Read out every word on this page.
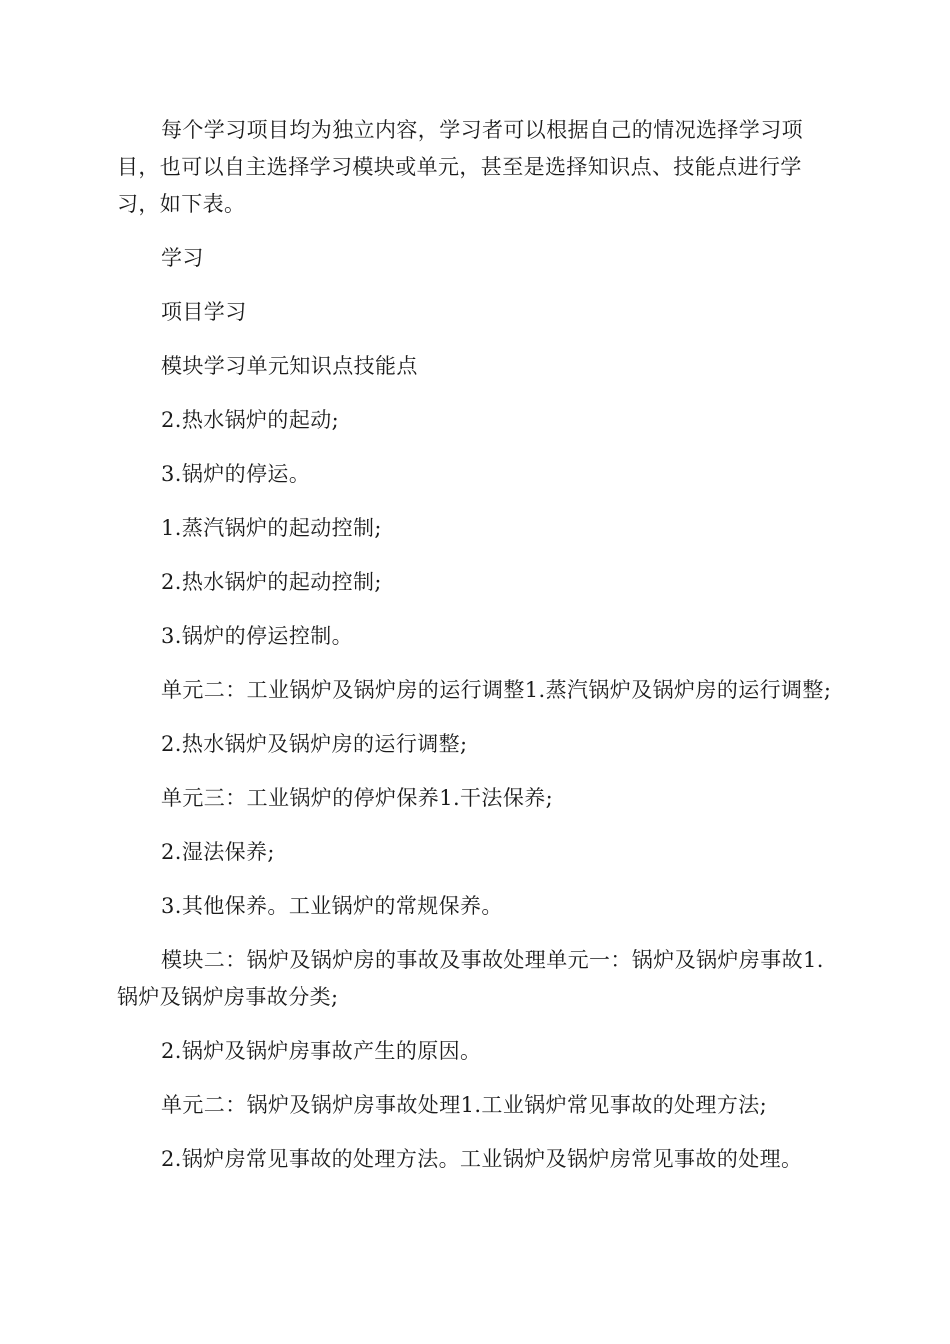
每个学习项目均为独立内容，学习者可以根据自己的情况选择学习项目，也可以自主选择学习模块或单元，甚至是选择知识点、技能点进行学习，如下表。

学习

项目学习

模块学习单元知识点技能点

2.热水锅炉的起动;

3.锅炉的停运。

1.蒸汽锅炉的起动控制;

2.热水锅炉的起动控制;

3.锅炉的停运控制。

单元二：工业锅炉及锅炉房的运行调整1.蒸汽锅炉及锅炉房的运行调整;

2.热水锅炉及锅炉房的运行调整;

单元三：工业锅炉的停炉保养1.干法保养;

2.湿法保养;

3.其他保养。工业锅炉的常规保养。

模块二：锅炉及锅炉房的事故及事故处理单元一：锅炉及锅炉房事故1.锅炉及锅炉房事故分类;

2.锅炉及锅炉房事故产生的原因。

单元二：锅炉及锅炉房事故处理1.工业锅炉常见事故的处理方法;

2.锅炉房常见事故的处理方法。工业锅炉及锅炉房常见事故的处理。
